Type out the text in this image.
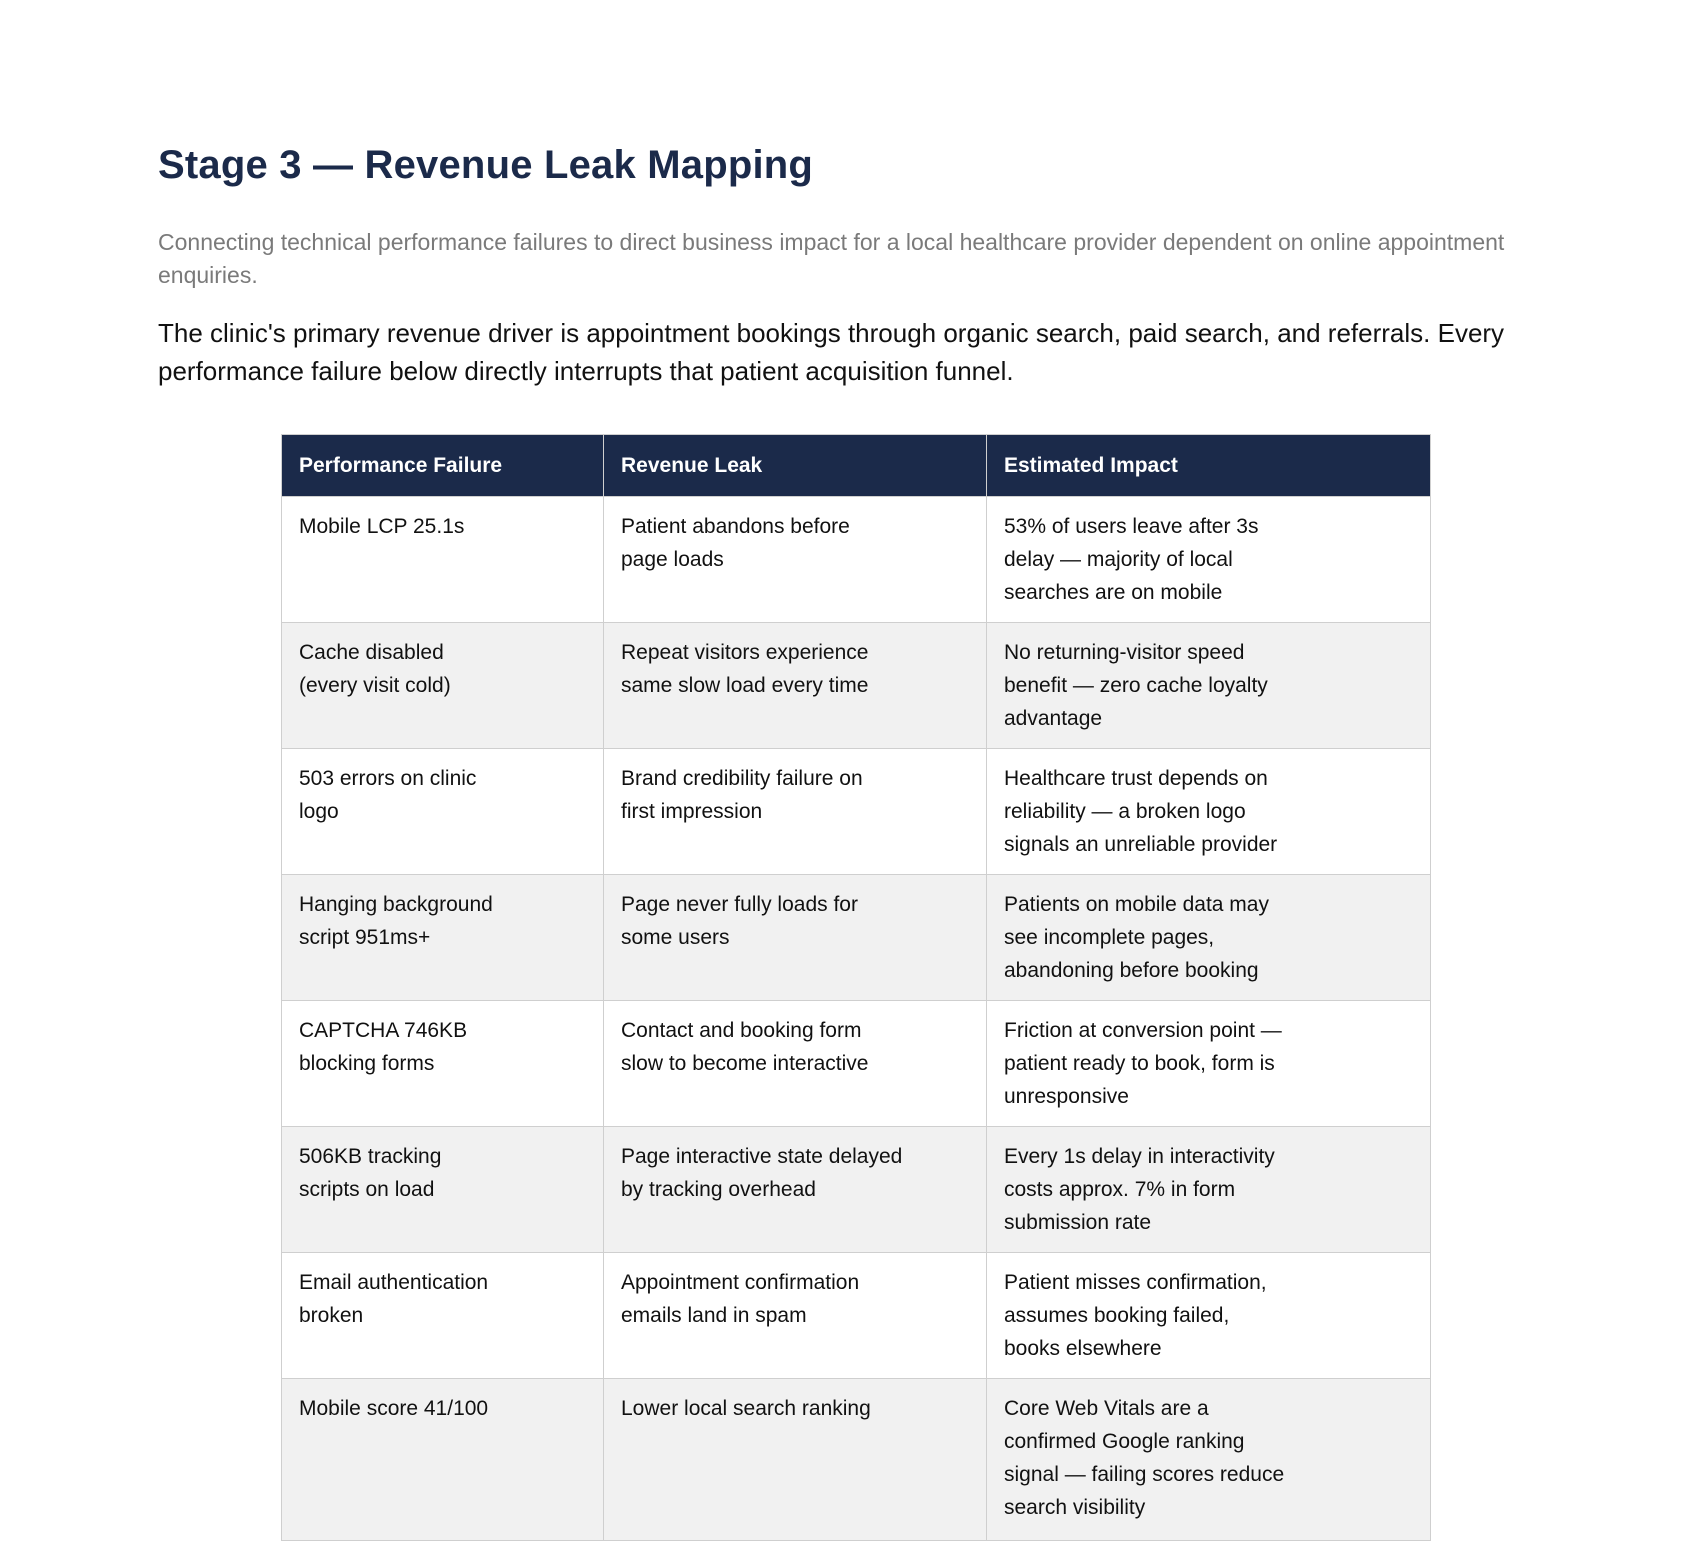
Stage 3 — Revenue Leak Mapping

Connecting technical performance failures to direct business impact for a local healthcare provider dependent on online appointment enquiries.

The clinic's primary revenue driver is appointment bookings through organic search, paid search, and referrals. Every performance failure below directly interrupts that patient acquisition funnel.

Performance Failure	Revenue Leak	Estimated Impact

Mobile LCP 25.1s	Patient abandons before page loads	53% of users leave after 3s delay — majority of local searches are on mobile

Cache disabled (every visit cold)	Repeat visitors experience same slow load every time	No returning-visitor speed benefit — zero cache loyalty advantage

503 errors on clinic logo	Brand credibility failure on first impression	Healthcare trust depends on reliability — a broken logo signals an unreliable provider

Hanging background script 951ms+	Page never fully loads for some users	Patients on mobile data may see incomplete pages, abandoning before booking

CAPTCHA 746KB blocking forms	Contact and booking form slow to become interactive	Friction at conversion point — patient ready to book, form is unresponsive

506KB tracking scripts on load	Page interactive state delayed by tracking overhead	Every 1s delay in interactivity costs approx. 7% in form submission rate

Email authentication broken	Appointment confirmation emails land in spam	Patient misses confirmation, assumes booking failed, books elsewhere

Mobile score 41/100	Lower local search ranking	Core Web Vitals are a confirmed Google ranking signal — failing scores reduce search visibility
